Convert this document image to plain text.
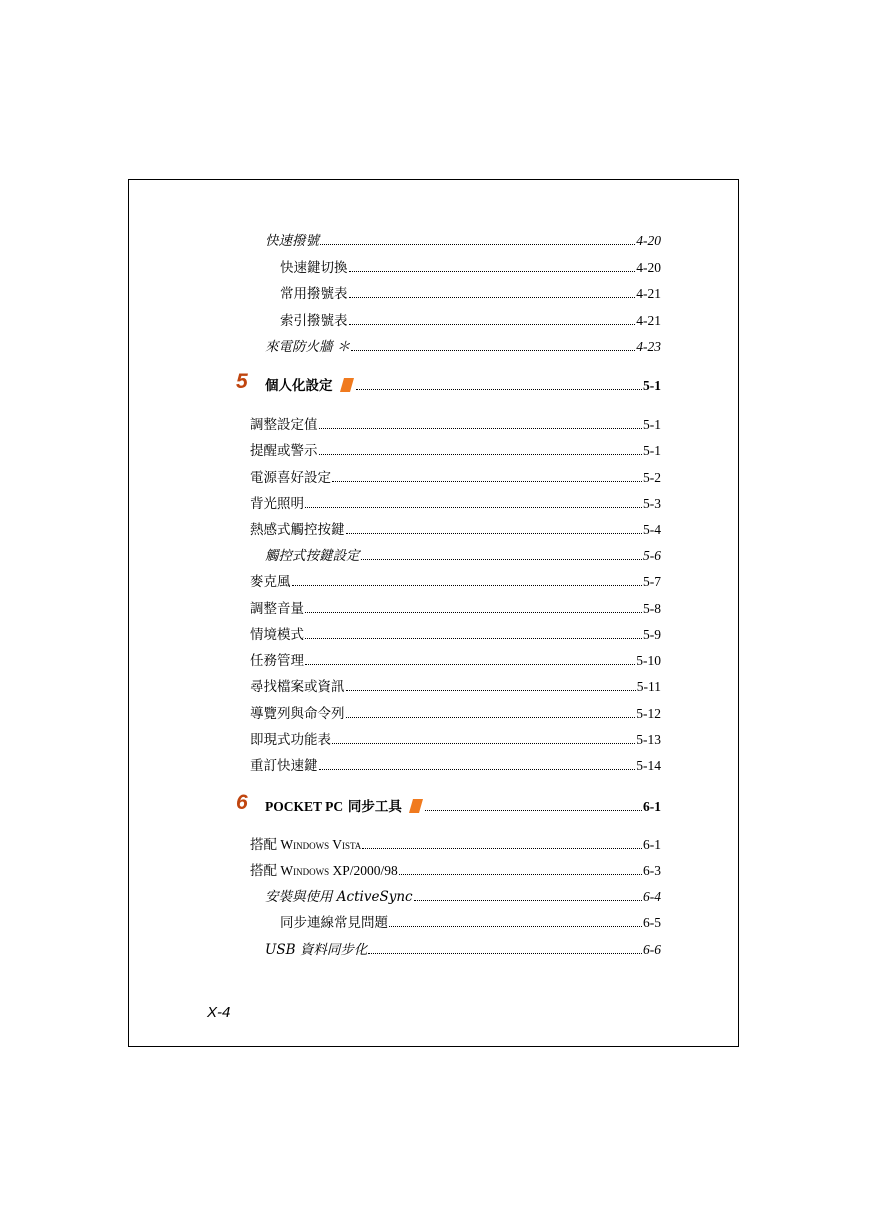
快速撥號	4-20
快速鍵切換	4-20
常用撥號表	4-21
索引撥號表	4-21
來電防火牆 ＊	4-23
5 個人化設定	5-1
調整設定值	5-1
提醒或警示	5-1
電源喜好設定	5-2
背光照明	5-3
熱感式觸控按鍵	5-4
觸控式按鍵設定	5-6
麥克風	5-7
調整音量	5-8
情境模式	5-9
任務管理	5-10
尋找檔案或資訊	5-11
導覽列與命令列	5-12
即現式功能表	5-13
重訂快速鍵	5-14
6 POCKET PC 同步工具	6-1
搭配 Windows Vista	6-1
搭配 Windows XP/2000/98	6-3
安裝與使用 ActiveSync	6-4
同步連線常見問題	6-5
USB 資料同步化	6-6
X-4
